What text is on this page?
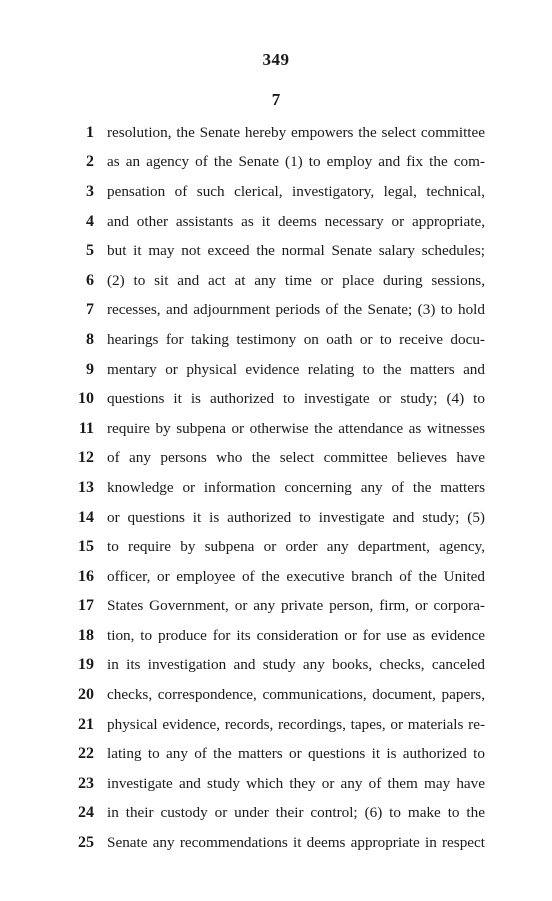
349
7
1 resolution, the Senate hereby empowers the select committee
2 as an agency of the Senate (1) to employ and fix the com-
3 pensation of such clerical, investigatory, legal, technical,
4 and other assistants as it deems necessary or appropriate,
5 but it may not exceed the normal Senate salary schedules;
6 (2) to sit and act at any time or place during sessions,
7 recesses, and adjournment periods of the Senate; (3) to hold
8 hearings for taking testimony on oath or to receive docu-
9 mentary or physical evidence relating to the matters and
10 questions it is authorized to investigate or study; (4) to
11 require by subpena or otherwise the attendance as witnesses
12 of any persons who the select committee believes have
13 knowledge or information concerning any of the matters
14 or questions it is authorized to investigate and study; (5)
15 to require by subpena or order any department, agency,
16 officer, or employee of the executive branch of the United
17 States Government, or any private person, firm, or corpora-
18 tion, to produce for its consideration or for use as evidence
19 in its investigation and study any books, checks, canceled
20 checks, correspondence, communications, document, papers,
21 physical evidence, records, recordings, tapes, or materials re-
22 lating to any of the matters or questions it is authorized to
23 investigate and study which they or any of them may have
24 in their custody or under their control; (6) to make to the
25 Senate any recommendations it deems appropriate in respect
